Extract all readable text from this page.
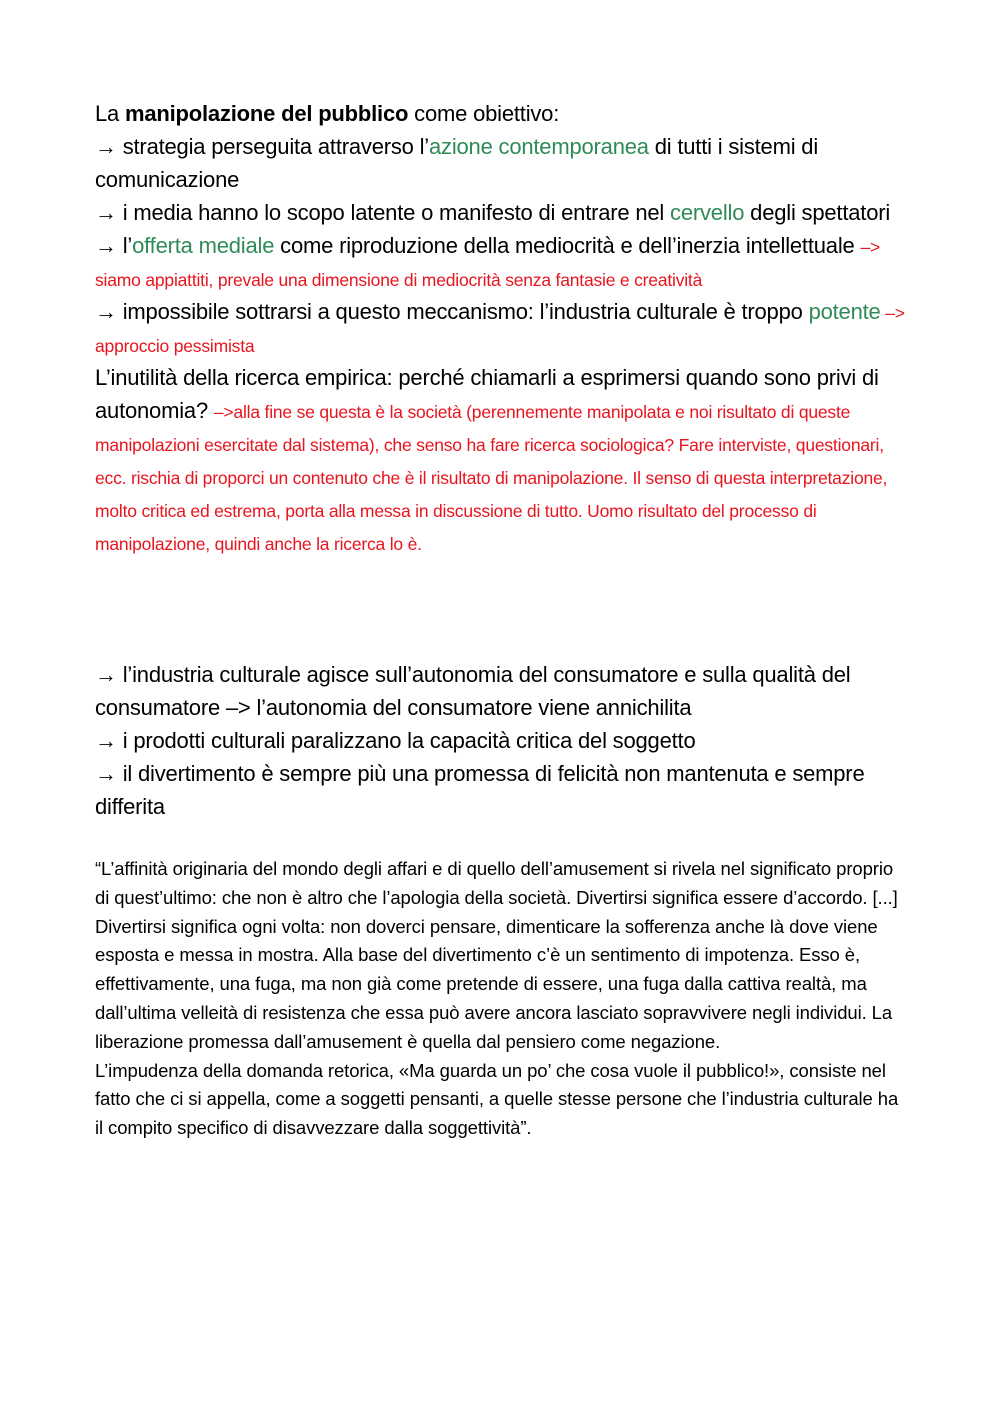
La manipolazione del pubblico come obiettivo:

→ strategia perseguita attraverso l’azione contemporanea di tutti i sistemi di comunicazione

→ i media hanno lo scopo latente o manifesto di entrare nel cervello degli spettatori

→ l’offerta mediale come riproduzione della mediocrità e dell’inerzia intellettuale –> siamo appiattiti, prevale una dimensione di mediocrità senza fantasie e creatività

→ impossibile sottrarsi a questo meccanismo: l’industria culturale è troppo potente –> approccio pessimista

L’inutilità della ricerca empirica: perché chiamarli a esprimersi quando sono privi di autonomia? –>alla fine se questa è la società (perennemente manipolata e noi risultato di queste manipolazioni esercitate dal sistema), che senso ha fare ricerca sociologica? Fare interviste, questionari, ecc. rischia di proporci un contenuto che è il risultato di manipolazione. Il senso di questa interpretazione, molto critica ed estrema, porta alla messa in discussione di tutto. Uomo risultato del processo di manipolazione, quindi anche la ricerca lo è.

→ l’industria culturale agisce sull’autonomia del consumatore e sulla qualità del consumatore –> l’autonomia del consumatore viene annichilita

→ i prodotti culturali paralizzano la capacità critica del soggetto

→ il divertimento è sempre più una promessa di felicità non mantenuta e sempre differita

“L’affinità originaria del mondo degli affari e di quello dell’amusement si rivela nel significato proprio di quest’ultimo: che non è altro che l’apologia della società. Divertirsi significa essere d’accordo. [...] Divertirsi significa ogni volta: non doverci pensare, dimenticare la sofferenza anche là dove viene esposta e messa in mostra. Alla base del divertimento c’è un sentimento di impotenza. Esso è, effettivamente, una fuga, ma non già come pretende di essere, una fuga dalla cattiva realtà, ma dall’ultima velleità di resistenza che essa può avere ancora lasciato sopravvivere negli individui. La liberazione promessa dall’amusement è quella dal pensiero come negazione.

L’impudenza della domanda retorica, «Ma guarda un po’ che cosa vuole il pubblico!», consiste nel fatto che ci si appella, come a soggetti pensanti, a quelle stesse persone che l’industria culturale ha il compito specifico di disavvezzare dalla soggettività”.
